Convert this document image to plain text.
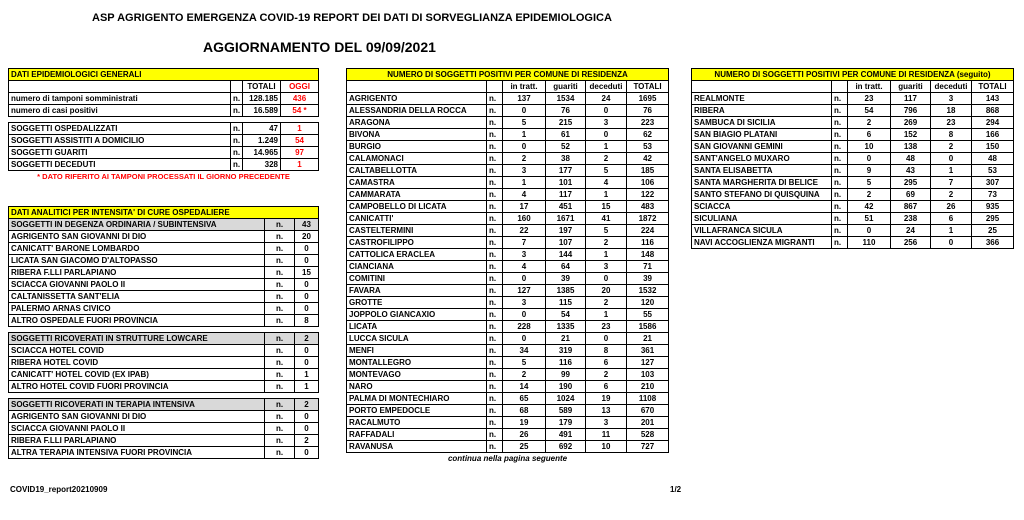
ASP AGRIGENTO EMERGENZA COVID-19 REPORT DEI DATI DI SORVEGLIANZA EPIDEMIOLOGICA
AGGIORNAMENTO DEL 09/09/2021
DATI EPIDEMIOLOGICI GENERALI			
		TOTALI	OGGI
numero di tamponi somministrati	n.	128.185	436
numero di casi positivi	n.	16.589	54 *

SOGGETTI OSPEDALIZZATI	n.	47	1
SOGGETTI ASSISTITI A DOMICILIO	n.	1.249	54
SOGGETTI GUARITI	n.	14.965	97
SOGGETTI DECEDUTI	n.	328	1
* DATO RIFERITO AI TAMPONI PROCESSATI IL GIORNO PRECEDENTE			
DATI ANALITICI PER INTENSITA' DI CURE OSPEDALIERE		
SOGGETTI IN DEGENZA ORDINARIA / SUBINTENSIVA	n.	43
AGRIGENTO SAN GIOVANNI DI DIO	n.	20
CANICATT' BARONE LOMBARDO	n.	0
LICATA SAN GIACOMO D'ALTOPASSO	n.	0
RIBERA F.LLI PARLAPIANO	n.	15
SCIACCA GIOVANNI PAOLO II	n.	0
CALTANISSETTA SANT'ELIA	n.	0
PALERMO ARNAS CIVICO	n.	0
ALTRO OSPEDALE FUORI PROVINCIA	n.	8

SOGGETTI RICOVERATI IN STRUTTURE LOWCARE	n.	2
SCIACCA HOTEL COVID	n.	0
RIBERA HOTEL COVID	n.	0
CANICATT' HOTEL COVID (EX IPAB)	n.	1
ALTRO HOTEL COVID FUORI PROVINCIA	n.	1

SOGGETTI RICOVERATI IN TERAPIA INTENSIVA	n.	2
AGRIGENTO SAN GIOVANNI DI DIO	n.	0
SCIACCA GIOVANNI PAOLO II	n.	0
RIBERA F.LLI PARLAPIANO	n.	2
ALTRA TERAPIA INTENSIVA FUORI PROVINCIA	n.	0
NUMERO DI SOGGETTI POSITIVI PER COMUNE DI RESIDENZA					
		in tratt.	guariti	deceduti	TOTALI
AGRIGENTO	n.	137	1534	24	1695
ALESSANDRIA DELLA ROCCA	n.	0	76	0	76
ARAGONA	n.	5	215	3	223
BIVONA	n.	1	61	0	62
BURGIO	n.	0	52	1	53
CALAMONACI	n.	2	38	2	42
CALTABELLOTTA	n.	3	177	5	185
CAMASTRA	n.	1	101	4	106
CAMMARATA	n.	4	117	1	122
CAMPOBELLO DI LICATA	n.	17	451	15	483
CANICATTI'	n.	160	1671	41	1872
CASTELTERMINI	n.	22	197	5	224
CASTROFILIPPO	n.	7	107	2	116
CATTOLICA ERACLEA	n.	3	144	1	148
CIANCIANA	n.	4	64	3	71
COMITINI	n.	0	39	0	39
FAVARA	n.	127	1385	20	1532
GROTTE	n.	3	115	2	120
JOPPOLO GIANCAXIO	n.	0	54	1	55
LICATA	n.	228	1335	23	1586
LUCCA SICULA	n.	0	21	0	21
MENFI	n.	34	319	8	361
MONTALLEGRO	n.	5	116	6	127
MONTEVAGO	n.	2	99	2	103
NARO	n.	14	190	6	210
PALMA DI MONTECHIARO	n.	65	1024	19	1108
PORTO EMPEDOCLE	n.	68	589	13	670
RACALMUTO	n.	19	179	3	201
RAFFADALI	n.	26	491	11	528
RAVANUSA	n.	25	692	10	727
continua nella pagina seguente					
NUMERO DI SOGGETTI POSITIVI PER COMUNE DI RESIDENZA (seguito)					
		in tratt.	guariti	deceduti	TOTALI
REALMONTE	n.	23	117	3	143
RIBERA	n.	54	796	18	868
SAMBUCA DI SICILIA	n.	2	269	23	294
SAN BIAGIO PLATANI	n.	6	152	8	166
SAN GIOVANNI GEMINI	n.	10	138	2	150
SANT'ANGELO MUXARO	n.	0	48	0	48
SANTA ELISABETTA	n.	9	43	1	53
SANTA MARGHERITA DI BELICE	n.	5	295	7	307
SANTO STEFANO DI QUISQUINA	n.	2	69	2	73
SCIACCA	n.	42	867	26	935
SICULIANA	n.	51	238	6	295
VILLAFRANCA SICULA	n.	0	24	1	25
NAVI ACCOGLIENZA MIGRANTI	n.	110	256	0	366
COVID19_report20210909	1/2
